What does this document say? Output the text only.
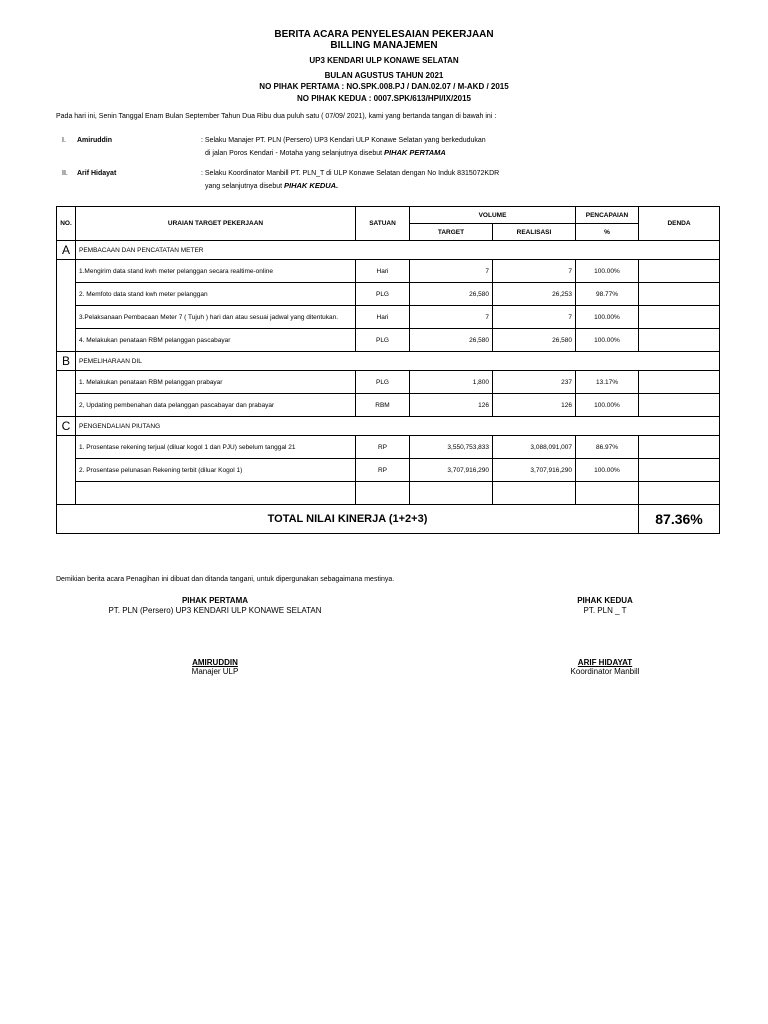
BERITA ACARA PENYELESAIAN PEKERJAAN
BILLING MANAJEMEN
UP3 KENDARI ULP KONAWE SELATAN
BULAN AGUSTUS TAHUN 2021
NO PIHAK PERTAMA : NO.SPK.008.PJ / DAN.02.07 / M-AKD / 2015
NO PIHAK KEDUA : 0007.SPK/613/HPI/IX/2015
Pada hari ini, Senin Tanggal Enam Bulan September Tahun Dua Ribu dua puluh satu ( 07/09/ 2021), kami yang bertanda tangan di bawah ini :
I. Amiruddin	: Selaku Manajer PT. PLN (Persero) UP3 Kendari ULP Konawe Selatan yang berkedudukan
di jalan Poros Kendari - Motaha yang selanjutnya disebut PIHAK PERTAMA
II. Arif Hidayat	: Selaku Koordinator Manbill PT. PLN_T di ULP Konawe Selatan dengan No Induk 8315072KDR
yang selanjutnya disebut PIHAK KEDUA.
NO.	URAIAN TARGET PEKERJAAN	SATUAN	VOLUME		PENCAPAIAN	DENDA
			TARGET	REALISASI	%	
A	PEMBACAAN DAN PENCATATAN METER					
	1.Mengirim data stand kwh meter pelanggan secara realtime-online	Hari	7	7	100.00%	
	2. Memfoto data stand kwh meter pelanggan	PLG	26,580	26,253	98.77%	
	3.Pelaksanaan Pembacaan Meter 7 ( Tujuh ) hari dan atau sesuai jadwal yang ditentukan.	Hari	7	7	100.00%	
	4. Melakukan penataan RBM pelanggan pascabayar	PLG	26,580	26,580	100.00%	
B	PEMELIHARAAN DIL					
	1. Melakukan penataan RBM pelanggan prabayar	PLG	1,800	237	13.17%	
	2, Updating pembenahan data pelanggan pascabayar dan prabayar	RBM	126	126	100.00%	
C	PENGENDALIAN PIUTANG					
	1. Prosentase rekening terjual (diluar kogol 1 dan PJU) sebelum tanggal 21	RP	3,550,753,833	3,088,091,007	86.97%	
	2. Prosentase pelunasan Rekening terbit (diluar Kogol 1)	RP	3,707,916,290	3,707,916,290	100.00%	

TOTAL NILAI KINERJA (1+2+3)						87.36%
Demikian berita acara Penagihan ini dibuat dan ditanda tangani, untuk dipergunakan sebagaimana mestinya.
PIHAK PERTAMA
PT. PLN (Persero) UP3 KENDARI ULP KONAWE SELATAN
AMIRUDDIN
Manajer ULP
PIHAK KEDUA
PT. PLN _ T
ARIF HIDAYAT
Koordinator Manbill
